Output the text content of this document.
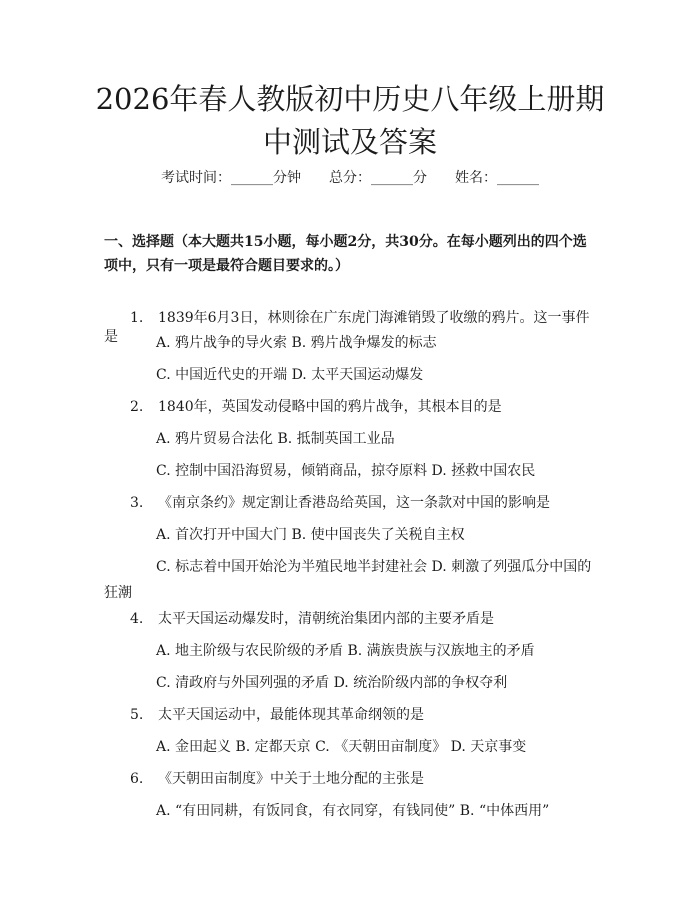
2026年春人教版初中历史八年级上册期中测试及答案
考试时间：______分钟 总分：______分 姓名：______

一、选择题（本大题共15小题，每小题2分，共30分。在每小题列出的四个选项中，只有一项是最符合题目要求的。）

1. 1839年6月3日，林则徐在广东虎门海滩销毁了收缴的鸦片。这一事件
是	A. 鸦片战争的导火索 B. 鸦片战争爆发的标志
C. 中国近代史的开端 D. 太平天国运动爆发
2. 1840年，英国发动侵略中国的鸦片战争，其根本目的是
A. 鸦片贸易合法化 B. 抵制英国工业品
C. 控制中国沿海贸易，倾销商品，掠夺原料 D. 拯救中国农民
3. 《南京条约》规定割让香港岛给英国，这一条款对中国的影响是
A. 首次打开中国大门 B. 使中国丧失了关税自主权
C. 标志着中国开始沦为半殖民地半封建社会 D. 刺激了列强瓜分中国的
狂潮
4. 太平天国运动爆发时，清朝统治集团内部的主要矛盾是
A. 地主阶级与农民阶级的矛盾 B. 满族贵族与汉族地主的矛盾
C. 清政府与外国列强的矛盾 D. 统治阶级内部的争权夺利
5. 太平天国运动中，最能体现其革命纲领的是
A. 金田起义 B. 定都天京 C. 《天朝田亩制度》 D. 天京事变
6. 《天朝田亩制度》中关于土地分配的主张是
A. “有田同耕，有饭同食，有衣同穿，有钱同使” B. “中体西用”
